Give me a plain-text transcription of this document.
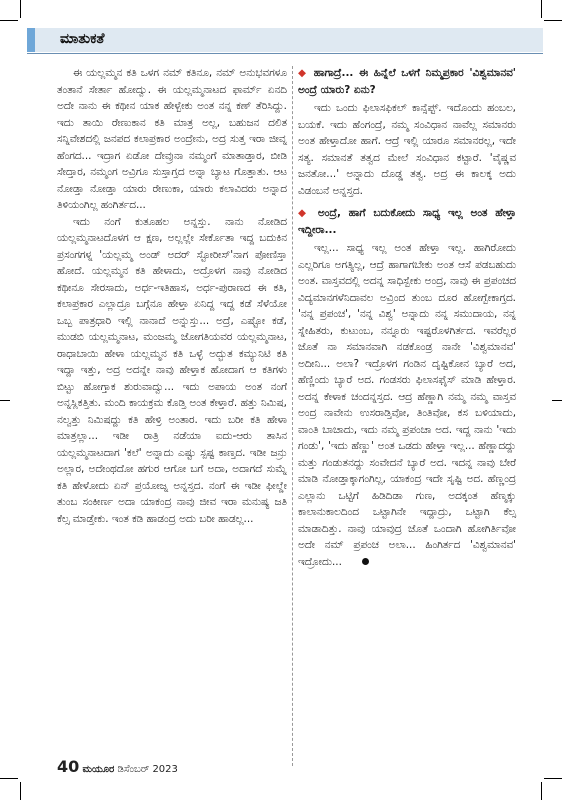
ಮಾತುಕತೆ

ಈ ಯಲ್ಲಮ್ಮನ ಕತಿ ಒಳಗ ನಮ್ ಕತಿನೂ, ನಮ್ ಅನುಭವಗಳೂ ತಂತಾನೆ ಸೇರ್ತಾ ಹೋದ್ವು. ಈ ಯಲ್ಲಮ್ಮನಾಟದ ಫಾರ್ಮ್ ಏನದಿ ಅದೇ ನಾನು ಈ ಕಥೀನ ಯಾಕ ಹೇಳ್ಬೇಕು ಅಂತ ನನ್ನ ಕಣ್ ತೆರಿಸಿದ್ದು. ಇದು ತಾಯಿ ರೇಣುಕಾನ ಕತಿ ಮಾತ್ರ ಅಲ್ಲ, ಬಹುಜನ ದಲಿತ ಸನ್ನಿವೇಶದಲ್ಲಿ ಜನಪದ ಕಲಾಪ್ರಕಾರ ಅಂದ್ರೇನು, ಅದ್ರ ಸುತ್ತ ಇರಾ ಜೀವ್ನ ಹೆಂಗದ... ಇದ್ರಾಗ ಏಡೋ ದೇವ್ರುನಾ ನಮ್ಮಂಗೆ ಮಾತಾಡ್ತಾರ, ಬೀಡಿ ಸೇದ್ತಾರ, ನಮ್ಮಂಗ ಅವ್ರಿಗೂ ಸುಸ್ತಾಗ್ತದ ಅನ್ನಾ ಬ್ಯಾಟ ಗೊತ್ತಾತು. ಆಟ ನೋಡ್ತಾ ನೋಡ್ತಾ ಯಾರು ರೇಣುಕಾ, ಯಾರು ಕಲಾವಿದರು ಅನ್ನಾದ ತಿಳಿಯಂಗಿಲ್ಲ ಹಂಗಿರ್ತದ...

ಇದು ನಂಗೆ ಕುತೂಹಲ ಅನ್ನಸ್ತು. ನಾನು ನೋಡಿದ ಯಲ್ಲಮ್ಮನಾಟದೊಳಗ ಆ ಕ್ಷಣ, ಅಲ್ಲಲ್ಲೇ ಸೇರ್ಕೊತಾ ಇದ್ದ ಬದುಕಿನ ಪ್ರಸಂಗಗಳ್ನ 'ಯಲ್ಲಮ್ಮ ಅಂಡ್ ಅದರ್ ಸ್ಟೋರೀಸ್'ನಾಗ ಪೋಣಿಸ್ತಾ ಹೋದೆ. ಯಲ್ಲಮ್ಮನ ಕತಿ ಹೇಳಾದು, ಅದ್ರೊಳಗ ನಾವು ನೋಡಿದ ಕಥೀನೂ ಸೇರಸಾದು, ಅರ್ಧ-ಇತಿಹಾಸ, ಅರ್ಧ-ಪುರಾಣದ ಈ ಕತಿ, ಕಲಾಪ್ರಕಾರ ಎಲ್ಲಾದ್ರೂ ಬಗ್ಗೆನೂ ಹೇಳ್ತಾ ಏನಿದ್ದ ಇದ್ದ ಕಡೆ ಸೆಳೆಯೋ ಒಬ್ಬ ಪಾತ್ರಧಾರಿ ಇಲ್ಲಿ ನಾನಾದೆ ಅನ್ನುಸ್ತು... ಅದ್ರೆ, ಎಷ್ಟೋ ಕಡೆ, ಮುಡಬಿ ಯಲ್ಲಮ್ಮನಾಟ, ಮಂಜಮ್ಮ ಜೋಗತಿಯವರ ಯಲ್ಲಮ್ಮನಾಟ, ರಾಧಾಬಾಯಿ ಹೇಳಾ ಯಲ್ಲಮ್ಮನ ಕತಿ ಒಳ್ಳೆ ಅದ್ಭುತ ಕಮ್ಯುನಿಟಿ ಕತಿ ಇದ್ದಾ ಇತ್ತು, ಅದ್ರ ಅದನ್ನೇ ನಾವು ಹೇಳ್ತಾಕ ಹೋದಾಗ ಆ ಕತಿಗಳು ಬಿಟ್ಟು ಹೋಗ್ತಾಕ ಶುರುವಾದ್ವು... ಇದು ಅಪಾಯ ಅಂತ ನಂಗೆ ಅನ್ನಸ್ಲಿಕತ್ತಿತು. ಮಂದಿ ಕಾಯಕ್ರಮ ಕೊಡ್ತಿ ಅಂತ ಕೇಳ್ತಾರೆ. ಹತ್ತು ನಿಮಿಷ, ನಲ್ವತ್ತು ನಿಮಿಷದ್ದು ಕತಿ ಹೇಳ್ರಿ ಅಂತಾರ. ಇದು ಬರೀ ಕತಿ ಹೇಳಾ ಮಾತ್ರಲ್ಲಾ... ಇಡೀ ರಾತ್ರಿ ನಡೆಯಾ ಐದು-ಆರು ತಾಸಿನ ಯಲ್ಲಮ್ಮನಾಟದಾಗ 'ಕಲೆ' ಅನ್ನಾದು ಎಷ್ಟು ಸ್ಪಷ್ಟ ಕಾಣ್ತದ. ಇಡೀ ಜನ್ರು ಅಲ್ಲಾರ, ಅದೇಂಥದೋ ಹಗುರ ಆಗೋ ಬಗೆ ಅದಾ, ಅದಾಗದೆ ಸುಮ್ನೆ ಕತಿ ಹೇಳೋದು ಏನ್ ಪ್ರಯೋಜ್ನ ಅನ್ನಸ್ತದ. ನಂಗೆ ಈ ಇಡೀ ಫೀಲ್ಡೇ ತುಂಬ ಸಂಕೀರ್ಣ ಅದಾ ಯಾಕಂದ್ರ ನಾವು ಜೀವ ಇರಾ ಮನುಷ್ಯ ಜತಿ ಕೆಲ್ಸ ಮಾಡ್ತೇಕು. ಇಂತ ಕಡಿ ಹಾಡಂದ್ರ ಅದು ಬರೀ ಹಾಡಲ್ಲ...

◆ ಹಾಗಾದ್ರೆ... ಈ ಹಿನ್ನೆಲೆ ಒಳಗೆ ನಿಮ್ಮಪ್ರಕಾರ 'ವಿಶ್ವಮಾನವ' ಅಂದ್ರೆ ಯಾರು? ಏನು?

ಇದು ಒಂದು ಫಿಲಾಸಫಿಕಲ್ ಕಾನ್ಸೆಪ್ಟ್. ಇದೊಂದು ಹಂಬಲ, ಬಯಕೆ. ಇದು ಹೆಂಗಂದ್ರೆ, ನಮ್ಮ ಸಂವಿಧಾನ ನಾವೆಲ್ಲ ಸಮಾನರು ಅಂತ ಹೇಳ್ತಾದೋ ಹಾಗೆ. ಆದ್ರೆ ಇಲ್ಲಿ ಯಾರೂ ಸಮಾನರಲ್ಲ, ಇದೇ ಸತ್ಯ. ಸಮಾನತೆ ತತ್ವದ ಮೇಲೆ ಸಂವಿಧಾನ ಕಟ್ಟಾರೆ. 'ವೈಷ್ಣವ ಜನತೋ...' ಅನ್ನಾದು ದೊಡ್ಡ ತತ್ವ. ಅದ್ರ ಈ ಕಾಲಕ್ಕ ಅದು ವಿಡಂಬನೆ ಅನ್ನಸ್ತದ.

◆ ಅಂದ್ರೆ, ಹಾಗೆ ಬದುಕೋದು ಸಾಧ್ಯ ಇಲ್ಲ ಅಂತ ಹೇಳ್ತಾ ಇದ್ದೀರಾ...

ಇಲ್ಲ... ಸಾಧ್ಯ ಇಲ್ಲ ಅಂತ ಹೇಳ್ತಾ ಇಲ್ಲ. ಹಾಗಿರೋದು ಎಲ್ಲರಿಗೂ ಅಗತ್ಯಿಲ್ಲ, ಆದ್ರೆ ಹಾಗಾಗಬೇಕು ಅಂತ ಆಸೆ ಪಡಬಹುದು ಅಂತ. ವಾಸ್ತವದಲ್ಲಿ ಅದನ್ನ ಸಾಧಿಸ್ಬೇಕು ಅಂದ್ರ, ನಾವು ಈ ಪ್ರಪಂಚದ ವಿದ್ಯಮಾನಗಳೆನಿದಾವಲ ಅವ್ರಿಂದ ತುಂಬ ದೂರ ಹೋಗ್ಬೇಕಾಗ್ತದ. 'ನನ್ನ ಪ್ರಪಂಚ', 'ನನ್ನ ವಿಶ್ವ' ಅನ್ನಾದು ನನ್ನ ಸಮುದಾಯ, ನನ್ನ ಸ್ನೇಹಿತರು, ಕುಟುಂಬ, ನನ್ನೂರು ಇಷ್ಟರೊಳಗಿರ್ತದ. ಇವರೆಲ್ಲರ ಜೊತೆ ನಾ ಸಮಾನವಾಗಿ ನಡಕೊಂಡ್ರ ನಾನೇ 'ವಿಶ್ವಮಾನವ' ಅದೀನಿ... ಅಲಾ? ಇದ್ರೊಳಗ ಗಂಡಿನ ದೃಷ್ಟಿಕೋನ ಬ್ಯಾರೆ ಅದ, ಹೆಣ್ಣಿಂದು ಬ್ಯಾರೆ ಅದ. ಗಂಡಸರು ಫಿಲಾಸಫೈಸ್ ಮಾಡಿ ಹೇಳ್ತಾರ. ಅದನ್ನ ಕೇಳಾಕ ಚಂದನ್ನಸ್ತದ. ಆದ್ರ ಹೆಣ್ಣಾಗಿ ನಮ್ಮ ನಮ್ಮ ವಾಸ್ತವ ಅಂದ್ರ ನಾವೇನು ಉಸರಾಡ್ತಿವೋ, ತಿಂತಿವೋ, ಕಸ ಬಳಿಯಾದು, ವಾಂತಿ ಬಾಚಾದು, ಇದು ನಮ್ಮ ಪ್ರಪಂಚಾ ಅದ. ಇದ್ದ ನಾನು 'ಇದು ಗಂಡು', 'ಇದು ಹೆಣ್ಣು' ಅಂತ ಒಡದು ಹೇಳ್ತಾ ಇಲ್ಲ... ಹೆಣ್ಣಾದದ್ದು ಮತ್ತು ಗಂಡುತನದ್ದು ಸಂವೇದನೆ ಬ್ಯಾರೆ ಅದ. ಇದನ್ನ ನಾವು ಬೇರೆ ಮಾಡಿ ನೋಡ್ತಾಕ್ಕಾಗಂಗಿಲ್ಲ, ಯಾಕಂದ್ರ ಇದೇ ಸೃಷ್ಟಿ ಅದ. ಹೆಣ್ಣಂದ್ರ ಎಲ್ಲಾನು ಒಟ್ಟಿಗೆ ಹಿಡಿದಿಡಾ ಗುಣ, ಅದಕ್ಕಂತ ಹೆಣ್ಮಕ್ಕು ಕಾಲಾನುಕಾಲದಿಂದ ಒಟ್ಟಾಗಿನೇ ಇದ್ದಾದ್ರು, ಒಟ್ಟಾಗಿ ಕೆಲ್ಸ ಮಾಡಾದಿತ್ತು. ನಾವು ಯಾವುದ್ರ ಜೊತೆ ಒಂದಾಗಿ ಹೋಗಿರ್ತಿವೋ ಅದೇ ನಮ್ ಪ್ರಪಂಚ ಅಲಾ... ಹಿಂಗಿರ್ತದ 'ವಿಶ್ವಮಾನವ' ಇದ್ರೋದು...

40 ಮಯೂರ ಡಿಸೆಂಬರ್ 2023
